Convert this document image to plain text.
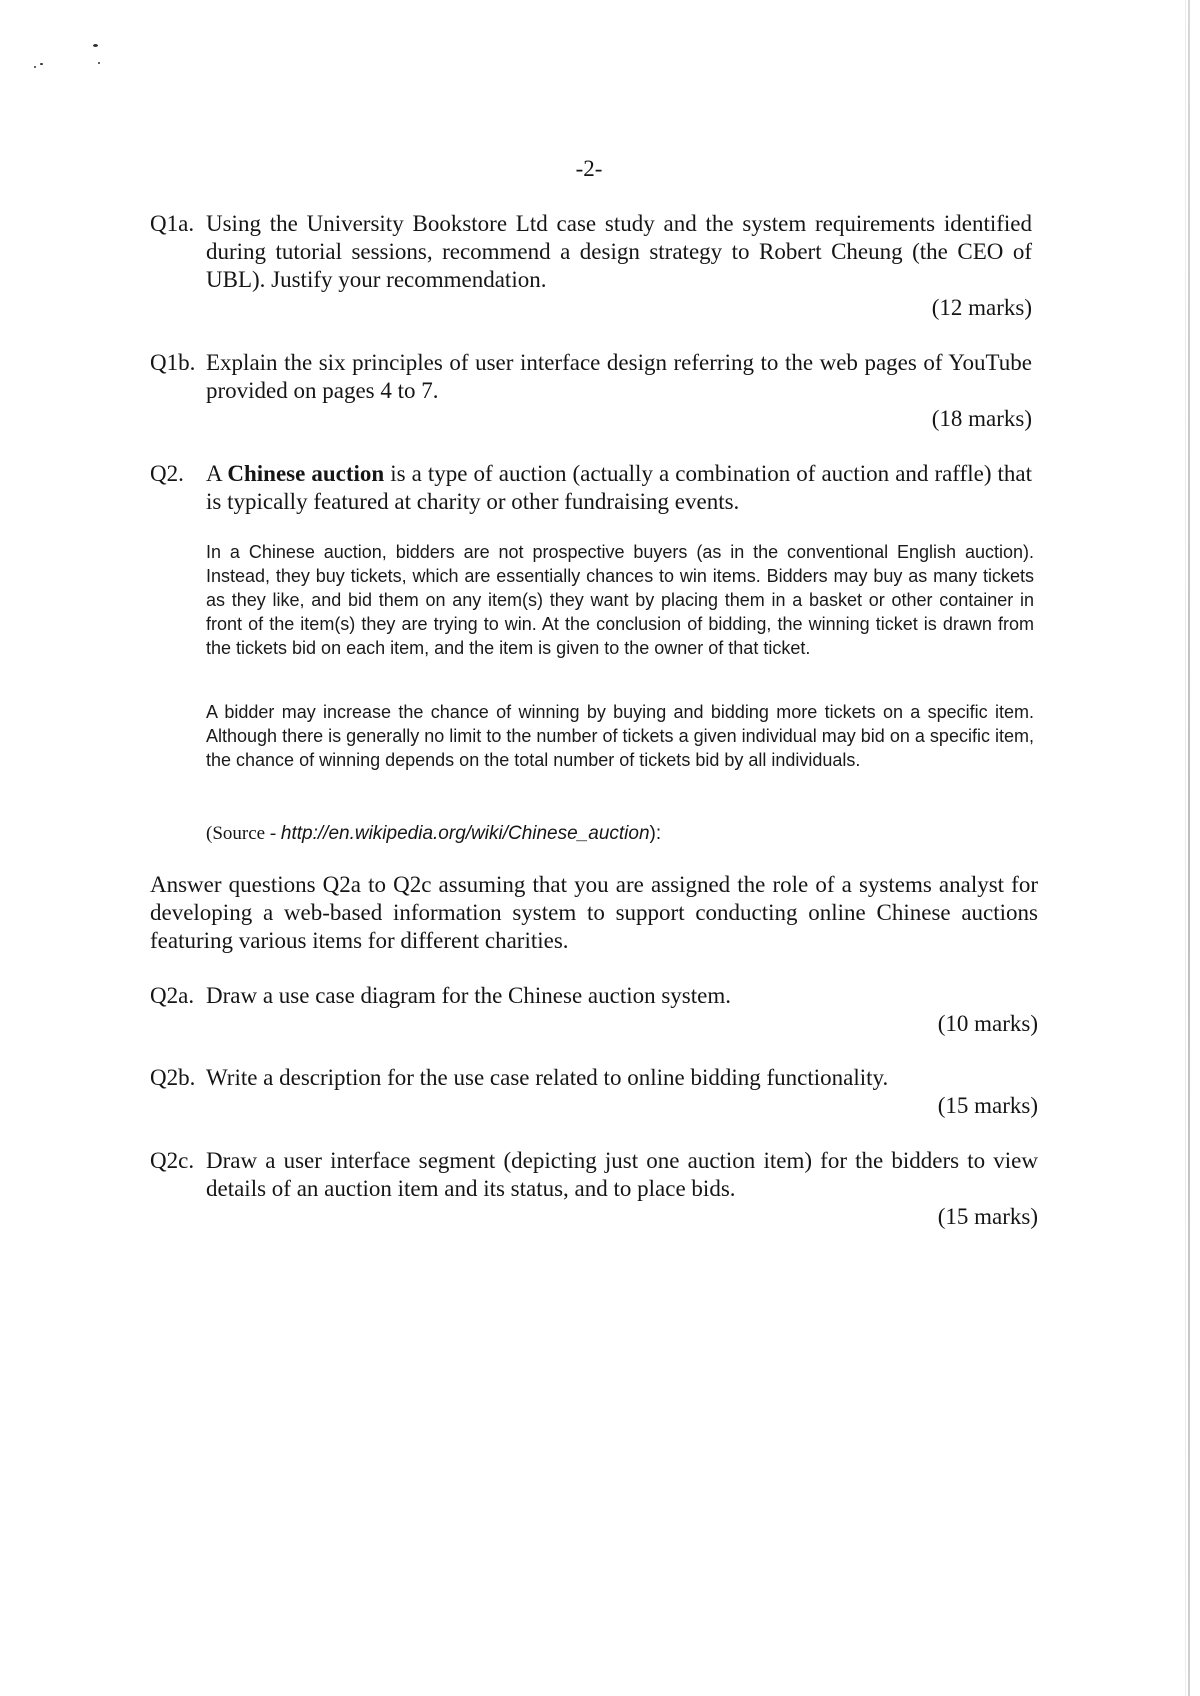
-2-
Q1a. Using the University Bookstore Ltd case study and the system requirements identified during tutorial sessions, recommend a design strategy to Robert Cheung (the CEO of UBL). Justify your recommendation.
(12 marks)
Q1b. Explain the six principles of user interface design referring to the web pages of YouTube provided on pages 4 to 7.
(18 marks)
Q2. A Chinese auction is a type of auction (actually a combination of auction and raffle) that is typically featured at charity or other fundraising events.
In a Chinese auction, bidders are not prospective buyers (as in the conventional English auction). Instead, they buy tickets, which are essentially chances to win items. Bidders may buy as many tickets as they like, and bid them on any item(s) they want by placing them in a basket or other container in front of the item(s) they are trying to win. At the conclusion of bidding, the winning ticket is drawn from the tickets bid on each item, and the item is given to the owner of that ticket.
A bidder may increase the chance of winning by buying and bidding more tickets on a specific item. Although there is generally no limit to the number of tickets a given individual may bid on a specific item, the chance of winning depends on the total number of tickets bid by all individuals.
(Source - http://en.wikipedia.org/wiki/Chinese_auction):
Answer questions Q2a to Q2c assuming that you are assigned the role of a systems analyst for developing a web-based information system to support conducting online Chinese auctions featuring various items for different charities.
Q2a. Draw a use case diagram for the Chinese auction system.
(10 marks)
Q2b. Write a description for the use case related to online bidding functionality.
(15 marks)
Q2c. Draw a user interface segment (depicting just one auction item) for the bidders to view details of an auction item and its status, and to place bids.
(15 marks)
